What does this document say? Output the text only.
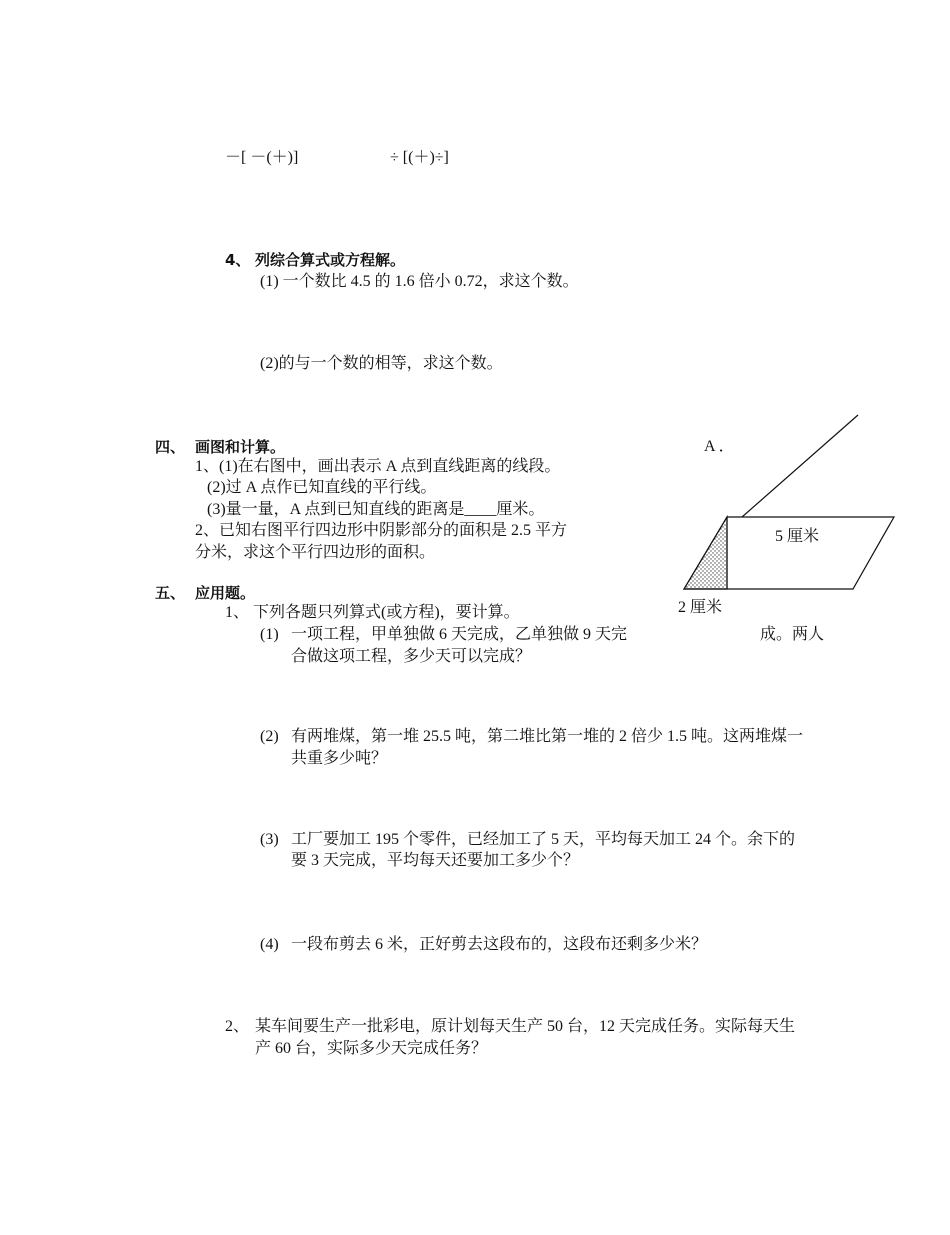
－[ －(＋)]	÷ [(＋)÷]
4、 列综合算式或方程解。
(1) 一个数比 4.5 的 1.6 倍小 0.72，求这个数。
(2)的与一个数的相等，求这个数。
四、 画图和计算。
1、(1)在右图中，画出表示 A 点到直线距离的线段。
(2)过 A 点作已知直线的平行线。
(3)量一量，A 点到已知直线的距离是____厘米。
2、已知右图平行四边形中阴影部分的面积是 2.5 平方
分米，求这个平行四边形的面积。
A ．
5 厘米
2 厘米
五、 应用题。
1、 下列各题只列算式(或方程)，要计算。
(1) 一项工程，甲单独做 6 天完成，乙单独做 9 天完	成。两人
合做这项工程，多少天可以完成？
(2) 有两堆煤，第一堆 25.5 吨，第二堆比第一堆的 2 倍少 1.5 吨。这两堆煤一
共重多少吨？
(3) 工厂要加工 195 个零件，已经加工了 5 天，平均每天加工 24 个。余下的
要 3 天完成，平均每天还要加工多少个？
(4) 一段布剪去 6 米，正好剪去这段布的，这段布还剩多少米？
2、 某车间要生产一批彩电，原计划每天生产 50 台，12 天完成任务。实际每天生
产 60 台，实际多少天完成任务？
